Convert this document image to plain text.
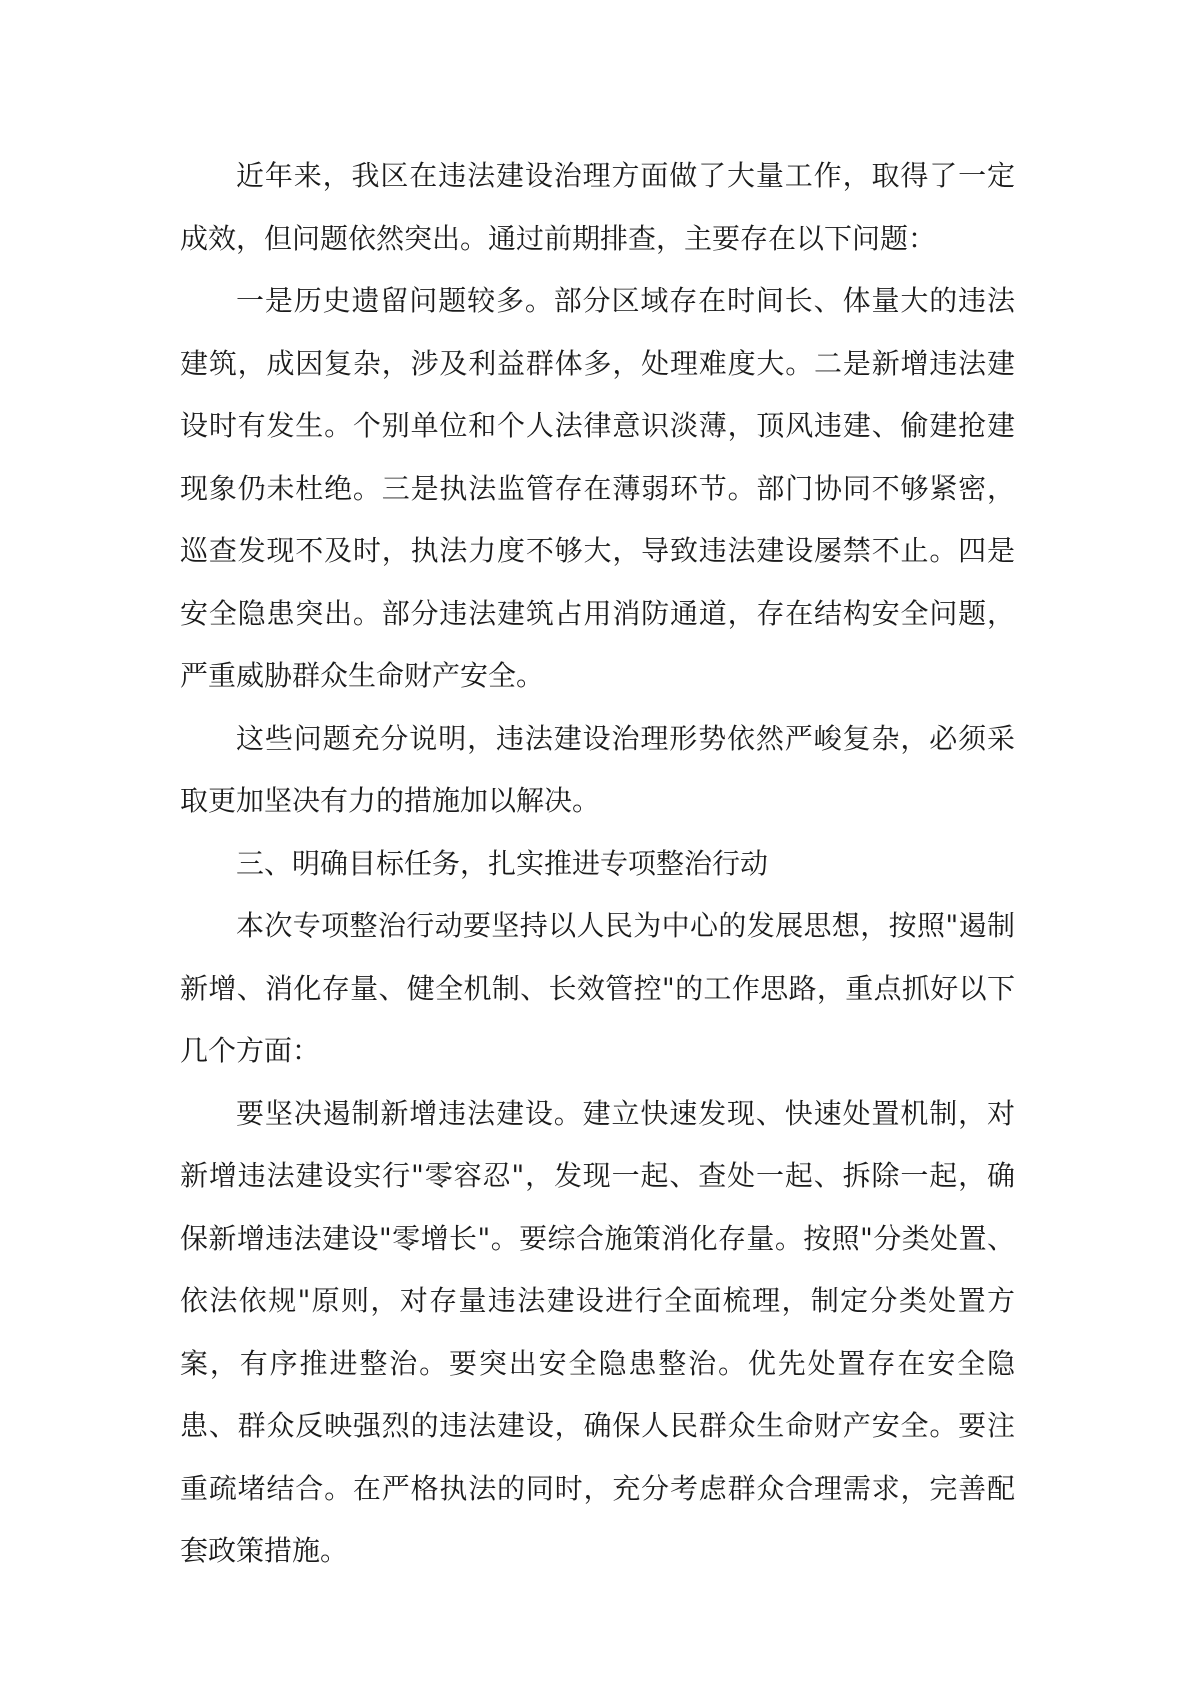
近年来，我区在违法建设治理方面做了大量工作，取得了一定成效，但问题依然突出。通过前期排查，主要存在以下问题：

一是历史遗留问题较多。部分区域存在时间长、体量大的违法建筑，成因复杂，涉及利益群体多，处理难度大。二是新增违法建设时有发生。个别单位和个人法律意识淡薄，顶风违建、偷建抢建现象仍未杜绝。三是执法监管存在薄弱环节。部门协同不够紧密，巡查发现不及时，执法力度不够大，导致违法建设屡禁不止。四是安全隐患突出。部分违法建筑占用消防通道，存在结构安全问题，严重威胁群众生命财产安全。

这些问题充分说明，违法建设治理形势依然严峻复杂，必须采取更加坚决有力的措施加以解决。

三、明确目标任务，扎实推进专项整治行动

本次专项整治行动要坚持以人民为中心的发展思想，按照"遏制新增、消化存量、健全机制、长效管控"的工作思路，重点抓好以下几个方面：

要坚决遏制新增违法建设。建立快速发现、快速处置机制，对新增违法建设实行"零容忍"，发现一起、查处一起、拆除一起，确保新增违法建设"零增长"。要综合施策消化存量。按照"分类处置、依法依规"原则，对存量违法建设进行全面梳理，制定分类处置方案，有序推进整治。要突出安全隐患整治。优先处置存在安全隐患、群众反映强烈的违法建设，确保人民群众生命财产安全。要注重疏堵结合。在严格执法的同时，充分考虑群众合理需求，完善配套政策措施。
